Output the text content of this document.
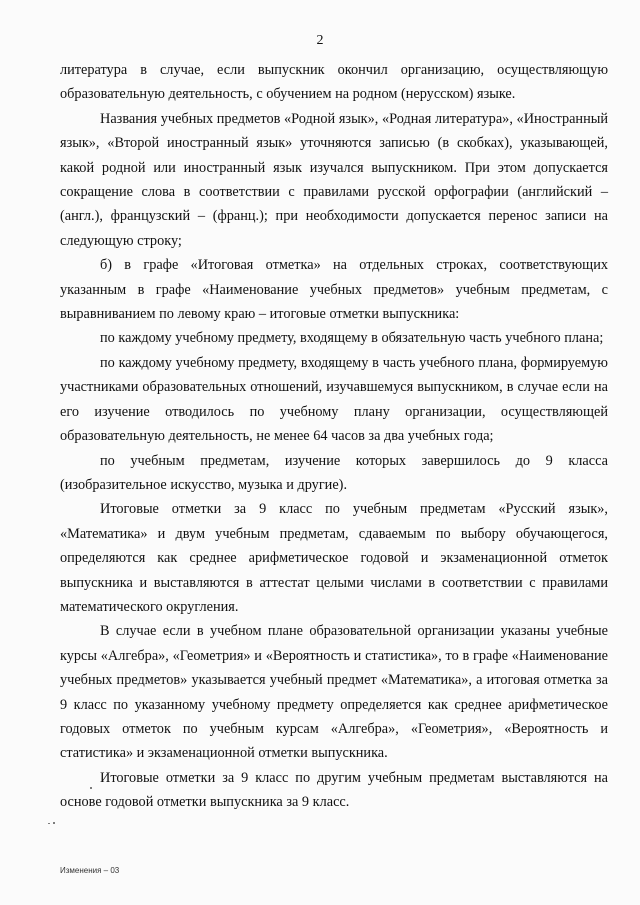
2

литература в случае, если выпускник окончил организацию, осуществляющую образовательную деятельность, с обучением на родном (нерусском) языке.

Названия учебных предметов «Родной язык», «Родная литература», «Иностранный язык», «Второй иностранный язык» уточняются записью (в скобках), указывающей, какой родной или иностранный язык изучался выпускником. При этом допускается сокращение слова в соответствии с правилами русской орфографии (английский – (англ.), французский – (франц.); при необходимости допускается перенос записи на следующую строку;

б) в графе «Итоговая отметка» на отдельных строках, соответствующих указанным в графе «Наименование учебных предметов» учебным предметам, с выравниванием по левому краю – итоговые отметки выпускника:

по каждому учебному предмету, входящему в обязательную часть учебного плана;

по каждому учебному предмету, входящему в часть учебного плана, формируемую участниками образовательных отношений, изучавшемуся выпускником, в случае если на его изучение отводилось по учебному плану организации, осуществляющей образовательную деятельность, не менее 64 часов за два учебных года;

по учебным предметам, изучение которых завершилось до 9 класса (изобразительное искусство, музыка и другие).

Итоговые отметки за 9 класс по учебным предметам «Русский язык», «Математика» и двум учебным предметам, сдаваемым по выбору обучающегося, определяются как среднее арифметическое годовой и экзаменационной отметок выпускника и выставляются в аттестат целыми числами в соответствии с правилами математического округления.

В случае если в учебном плане образовательной организации указаны учебные курсы «Алгебра», «Геометрия» и «Вероятность и статистика», то в графе «Наименование учебных предметов» указывается учебный предмет «Математика», а итоговая отметка за 9 класс по указанному учебному предмету определяется как среднее арифметическое годовых отметок по учебным курсам «Алгебра», «Геометрия», «Вероятность и статистика» и экзаменационной отметки выпускника.

Итоговые отметки за 9 класс по другим учебным предметам выставляются на основе годовой отметки выпускника за 9 класс.

Изменения – 03
